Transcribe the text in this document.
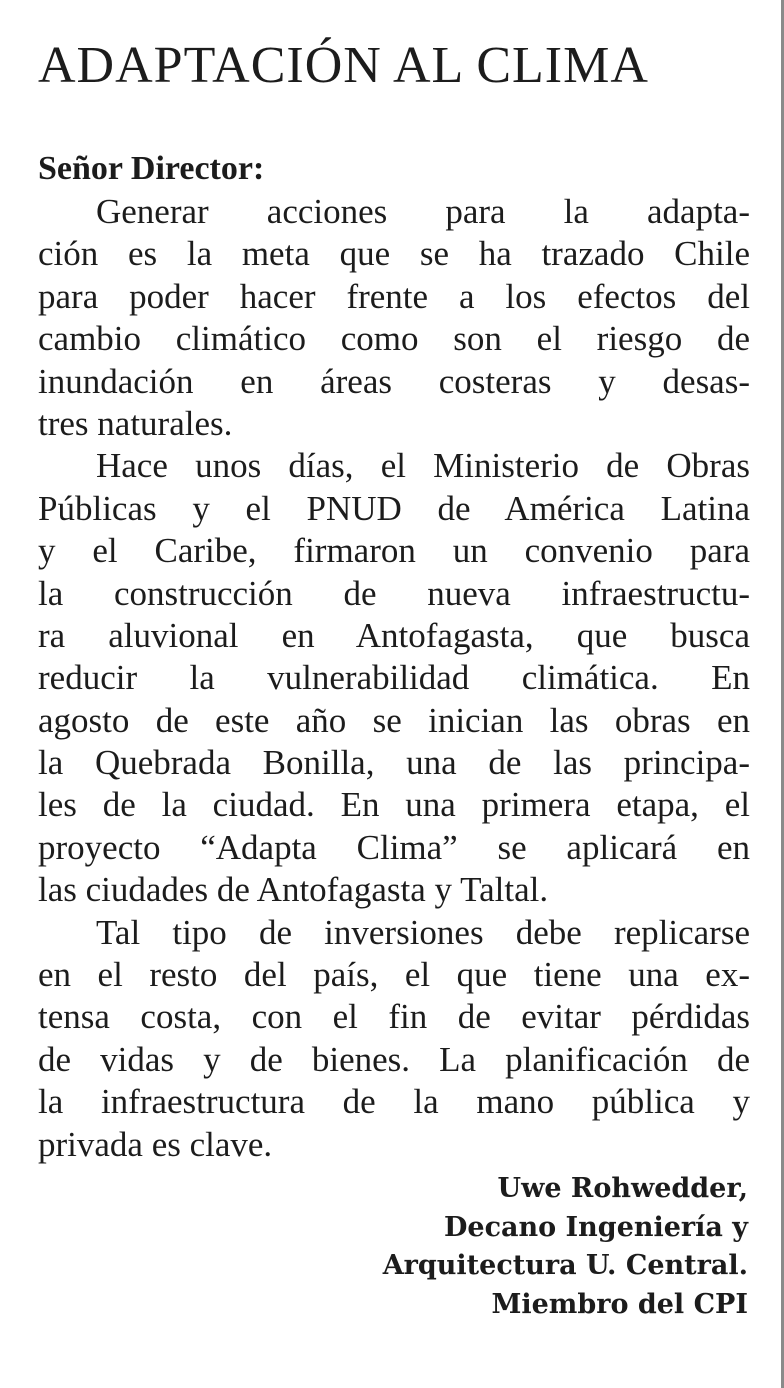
ADAPTACIÓN AL CLIMA

Señor Director:

Generar acciones para la adapta-
ción es la meta que se ha trazado Chile
para poder hacer frente a los efectos del
cambio climático como son el riesgo de
inundación en áreas costeras y desas-
tres naturales.
Hace unos días, el Ministerio de Obras
Públicas y el PNUD de América Latina
y el Caribe, firmaron un convenio para
la construcción de nueva infraestructu-
ra aluvional en Antofagasta, que busca
reducir la vulnerabilidad climática. En
agosto de este año se inician las obras en
la Quebrada Bonilla, una de las principa-
les de la ciudad. En una primera etapa, el
proyecto “Adapta Clima” se aplicará en
las ciudades de Antofagasta y Taltal.
Tal tipo de inversiones debe replicarse
en el resto del país, el que tiene una ex-
tensa costa, con el fin de evitar pérdidas
de vidas y de bienes. La planificación de
la infraestructura de la mano pública y
privada es clave.
Uwe Rohwedder,
Decano Ingeniería y
Arquitectura U. Central.
Miembro del CPI
